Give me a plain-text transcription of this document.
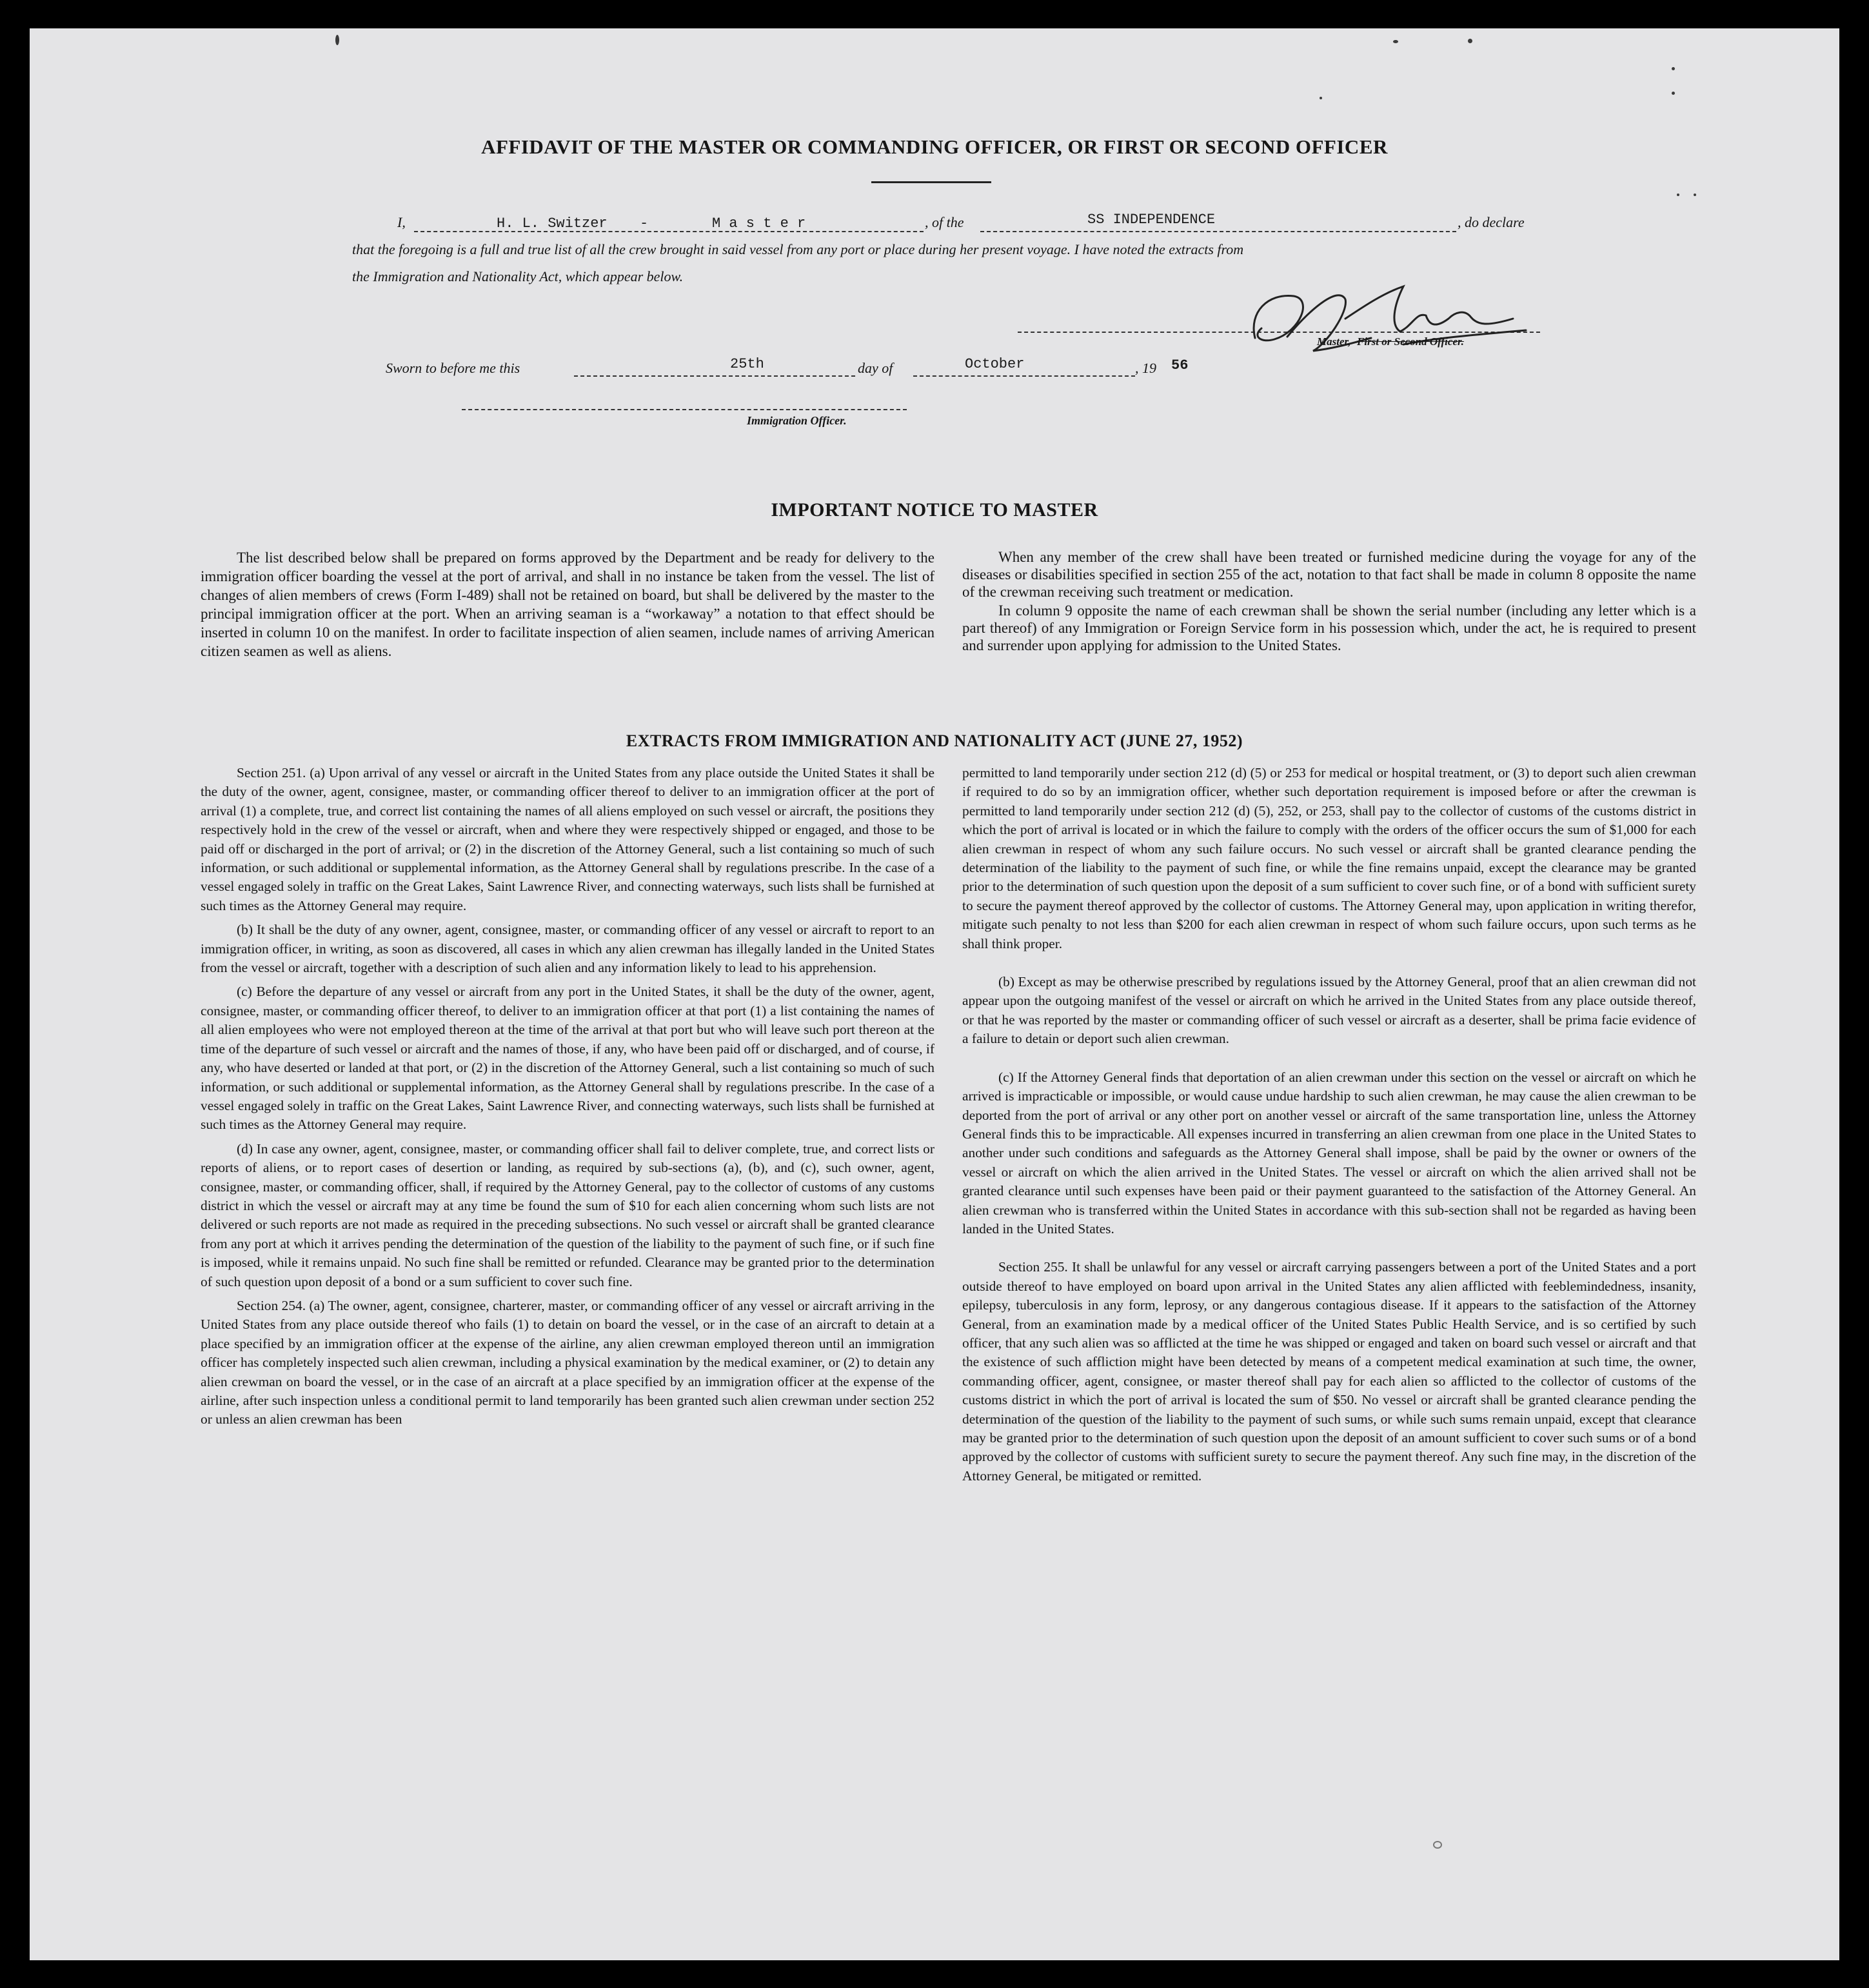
AFFIDAVIT OF THE MASTER OR COMMANDING OFFICER, OR FIRST OR SECOND OFFICER
I,	H. L. Switzer -	M a s t e r	, of the	SS INDEPENDENCE	, do declare
that the foregoing is a full and true list of all the crew brought in said vessel from any port or place during her present voyage. I have noted the extracts from
the Immigration and Nationality Act, which appear below.
Master, First or Second Officer.
Sworn to before me this	25th	day of	October	, 19 56
Immigration Officer.
IMPORTANT NOTICE TO MASTER
The list described below shall be prepared on forms approved by the Department and be ready for delivery to the immigration officer boarding the vessel at the port of arrival, and shall in no instance be taken from the vessel. The list of changes of alien members of crews (Form I-489) shall not be retained on board, but shall be delivered by the master to the principal immigration officer at the port. When an arriving seaman is a “workaway” a notation to that effect should be inserted in column 10 on the manifest. In order to facilitate inspection of alien seamen, include names of arriving American citizen seamen as well as aliens.
When any member of the crew shall have been treated or furnished medicine during the voyage for any of the diseases or disabilities specified in section 255 of the act, notation to that fact shall be made in column 8 opposite the name of the crewman receiving such treatment or medication.
In column 9 opposite the name of each crewman shall be shown the serial number (including any letter which is a part thereof) of any Immigration or Foreign Service form in his possession which, under the act, he is required to present and surrender upon applying for admission to the United States.
EXTRACTS FROM IMMIGRATION AND NATIONALITY ACT (JUNE 27, 1952)

Section 251. (a) Upon arrival of any vessel or aircraft in the United States from any place outside the United States it shall be the duty of the owner, agent, consignee, master, or commanding officer thereof to deliver to an immigration officer at the port of arrival (1) a complete, true, and correct list containing the names of all aliens employed on such vessel or aircraft, the positions they respectively hold in the crew of the vessel or aircraft, when and where they were respectively shipped or engaged, and those to be paid off or discharged in the port of arrival; or (2) in the discretion of the Attorney General, such a list containing so much of such information, or such additional or supplemental information, as the Attorney General shall by regulations prescribe. In the case of a vessel engaged solely in traffic on the Great Lakes, Saint Lawrence River, and connecting waterways, such lists shall be furnished at such times as the Attorney General may require.

(b) It shall be the duty of any owner, agent, consignee, master, or commanding officer of any vessel or aircraft to report to an immigration officer, in writing, as soon as discovered, all cases in which any alien crewman has illegally landed in the United States from the vessel or aircraft, together with a description of such alien and any information likely to lead to his apprehension.

(c) Before the departure of any vessel or aircraft from any port in the United States, it shall be the duty of the owner, agent, consignee, master, or commanding officer thereof, to deliver to an immigration officer at that port (1) a list containing the names of all alien employees who were not employed thereon at the time of the arrival at that port but who will leave such port thereon at the time of the departure of such vessel or aircraft and the names of those, if any, who have been paid off or discharged, and of course, if any, who have deserted or landed at that port, or (2) in the discretion of the Attorney General, such a list containing so much of such information, or such additional or supplemental information, as the Attorney General shall by regulations prescribe. In the case of a vessel engaged solely in traffic on the Great Lakes, Saint Lawrence River, and connecting waterways, such lists shall be furnished at such times as the Attorney General may require.

(d) In case any owner, agent, consignee, master, or commanding officer shall fail to deliver complete, true, and correct lists or reports of aliens, or to report cases of desertion or landing, as required by sub-sections (a), (b), and (c), such owner, agent, consignee, master, or commanding officer, shall, if required by the Attorney General, pay to the collector of customs of any customs district in which the vessel or aircraft may at any time be found the sum of $10 for each alien concerning whom such lists are not delivered or such reports are not made as required in the preceding subsections. No such vessel or aircraft shall be granted clearance from any port at which it arrives pending the determination of the question of the liability to the payment of such fine, or if such fine is imposed, while it remains unpaid. No such fine shall be remitted or refunded. Clearance may be granted prior to the determination of such question upon deposit of a bond or a sum sufficient to cover such fine.

Section 254. (a) The owner, agent, consignee, charterer, master, or commanding officer of any vessel or aircraft arriving in the United States from any place outside thereof who fails (1) to detain on board the vessel, or in the case of an aircraft to detain at a place specified by an immigration officer at the expense of the airline, any alien crewman employed thereon until an immigration officer has completely inspected such alien crewman, including a physical examination by the medical examiner, or (2) to detain any alien crewman on board the vessel, or in the case of an aircraft at a place specified by an immigration officer at the expense of the airline, after such inspection unless a conditional permit to land temporarily has been granted such alien crewman under section 252 or unless an alien crewman has been

permitted to land temporarily under section 212 (d) (5) or 253 for medical or hospital treatment, or (3) to deport such alien crewman if required to do so by an immigration officer, whether such deportation requirement is imposed before or after the crewman is permitted to land temporarily under section 212 (d) (5), 252, or 253, shall pay to the collector of customs of the customs district in which the port of arrival is located or in which the failure to comply with the orders of the officer occurs the sum of $1,000 for each alien crewman in respect of whom any such failure occurs. No such vessel or aircraft shall be granted clearance pending the determination of the liability to the payment of such fine, or while the fine remains unpaid, except the clearance may be granted prior to the determination of such question upon the deposit of a sum sufficient to cover such fine, or of a bond with sufficient surety to secure the payment thereof approved by the collector of customs. The Attorney General may, upon application in writing therefor, mitigate such penalty to not less than $200 for each alien crewman in respect of whom such failure occurs, upon such terms as he shall think proper.

(b) Except as may be otherwise prescribed by regulations issued by the Attorney General, proof that an alien crewman did not appear upon the outgoing manifest of the vessel or aircraft on which he arrived in the United States from any place outside thereof, or that he was reported by the master or commanding officer of such vessel or aircraft as a deserter, shall be prima facie evidence of a failure to detain or deport such alien crewman.

(c) If the Attorney General finds that deportation of an alien crewman under this section on the vessel or aircraft on which he arrived is impracticable or impossible, or would cause undue hardship to such alien crewman, he may cause the alien crewman to be deported from the port of arrival or any other port on another vessel or aircraft of the same transportation line, unless the Attorney General finds this to be impracticable. All expenses incurred in transferring an alien crewman from one place in the United States to another under such conditions and safeguards as the Attorney General shall impose, shall be paid by the owner or owners of the vessel or aircraft on which the alien arrived in the United States. The vessel or aircraft on which the alien arrived shall not be granted clearance until such expenses have been paid or their payment guaranteed to the satisfaction of the Attorney General. An alien crewman who is transferred within the United States in accordance with this sub-section shall not be regarded as having been landed in the United States.

Section 255. It shall be unlawful for any vessel or aircraft carrying passengers between a port of the United States and a port outside thereof to have employed on board upon arrival in the United States any alien afflicted with feeblemindedness, insanity, epilepsy, tuberculosis in any form, leprosy, or any dangerous contagious disease. If it appears to the satisfaction of the Attorney General, from an examination made by a medical officer of the United States Public Health Service, and is so certified by such officer, that any such alien was so afflicted at the time he was shipped or engaged and taken on board such vessel or aircraft and that the existence of such affliction might have been detected by means of a competent medical examination at such time, the owner, commanding officer, agent, consignee, or master thereof shall pay for each alien so afflicted to the collector of customs of the customs district in which the port of arrival is located the sum of $50. No vessel or aircraft shall be granted clearance pending the determination of the question of the liability to the payment of such sums, or while such sums remain unpaid, except that clearance may be granted prior to the determination of such question upon the deposit of an amount sufficient to cover such sums or of a bond approved by the collector of customs with sufficient surety to secure the payment thereof. Any such fine may, in the discretion of the Attorney General, be mitigated or remitted.
